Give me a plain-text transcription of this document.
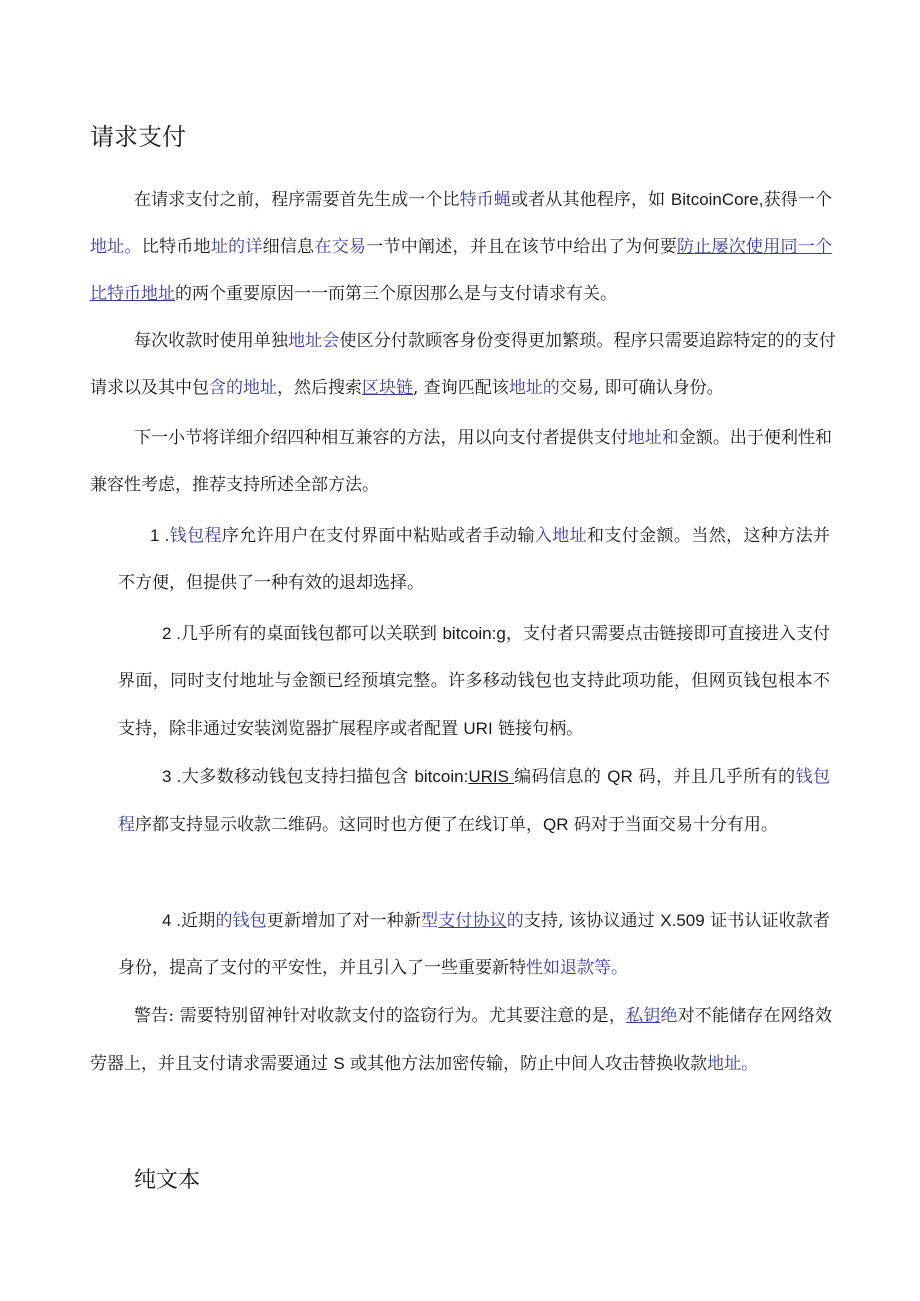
请求支付

在请求支付之前，程序需要首先生成一个比特币蝇或者从其他程序，如 BitcoinCore,获得一个地址。比特币地址的详细信息在交易一节中阐述，并且在该节中给出了为何要防止屡次使用同一个比特币地址的两个重要原因一一而第三个原因那么是与支付请求有关。

每次收款时使用单独地址会使区分付款顾客身份变得更加繁琐。程序只需要追踪特定的的支付请求以及其中包含的地址，然后搜索区块链, 查询匹配该地址的交易, 即可确认身份。

下一小节将详细介绍四种相互兼容的方法，用以向支付者提供支付地址和金额。出于便利性和兼容性考虑，推荐支持所述全部方法。

1 .钱包程序允许用户在支付界面中粘贴或者手动输入地址和支付金额。当然，这种方法并不方便，但提供了一种有效的退却选择。

2 .几乎所有的桌面钱包都可以关联到 bitcoin:g，支付者只需要点击链接即可直接进入支付界面，同时支付地址与金额已经预填完整。许多移动钱包也支持此项功能，但网页钱包根本不支持，除非通过安装浏览器扩展程序或者配置 URI 链接句柄。

3 .大多数移动钱包支持扫描包含 bitcoin:URIS 编码信息的 QR 码，并且几乎所有的钱包程序都支持显示收款二维码。这同时也方便了在线订单，QR 码对于当面交易十分有用。

4 .近期的钱包更新增加了对一种新型支付协议的支持, 该协议通过 X.509 证书认证收款者身份，提高了支付的平安性，并且引入了一些重要新特性如退款等。

警告: 需要特别留神针对收款支付的盗窃行为。尤其要注意的是，私钥绝对不能储存在网络效劳器上，并且支付请求需要通过 S 或其他方法加密传输，防止中间人攻击替换收款地址。

纯文本
